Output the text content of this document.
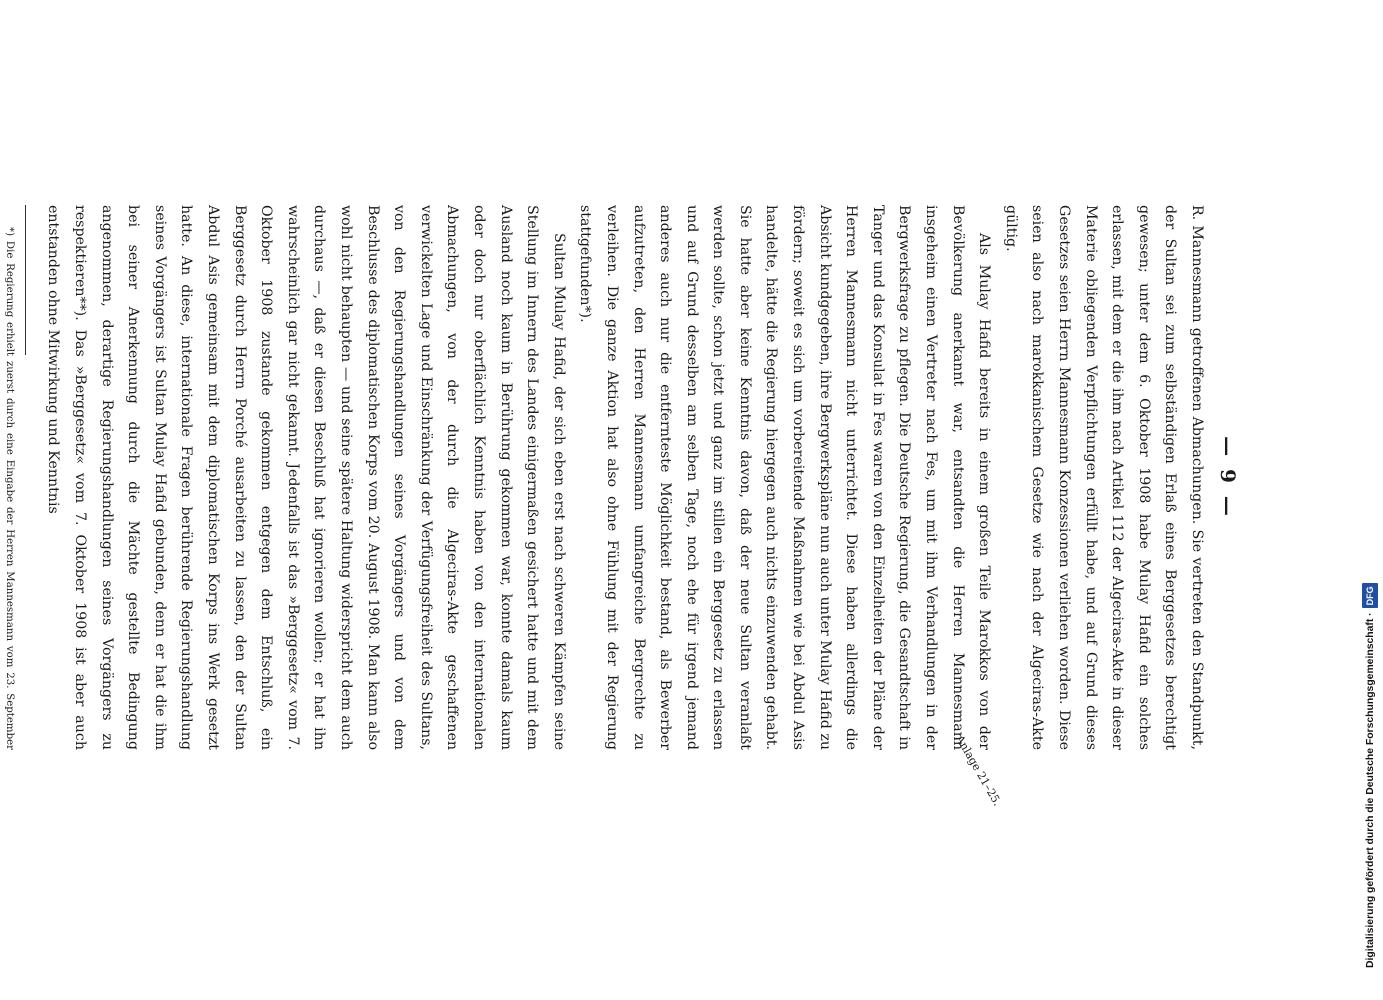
— 9 —

R. Mannesmann getroffenen Abmachungen. Sie vertreten den Standpunkt, der Sultan sei zum selbständigen Erlaß eines Berggesetzes berechtigt gewesen; unter dem 6. Oktober 1908 habe Mulay Hafid ein solches erlassen, mit dem er die ihm nach Artikel 112 der Algeciras-Akte in dieser Materie obliegenden Verpflichtungen erfüllt habe, und auf Grund dieses Gesetzes seien Herrn Mannesmann Konzessionen verliehen worden. Diese seien also nach marokkanischem Gesetze wie nach der Algeciras-Akte gültig.

Als Mulay Hafid bereits in einem großen Teile Marokkos von der Bevölkerung anerkannt war, entsandten die Herren Mannesmann insgeheim einen Vertreter nach Fes, um mit ihm Verhandlungen in der Bergwerksfrage zu pflegen. Die Deutsche Regierung, die Gesandtschaft in Tanger und das Konsulat in Fes waren von den Einzelheiten der Pläne der Herren Mannesmann nicht unterrichtet. Diese haben allerdings die Absicht kundgegeben, ihre Bergwerkspläne nun auch unter Mulay Hafid zu fördern; soweit es sich um vorbereitende Maßnahmen wie bei Abdul Asis handelte, hätte die Regierung hiergegen auch nichts einzuwenden gehabt. Sie hatte aber keine Kenntnis davon, daß der neue Sultan veranlaßt werden sollte, schon jetzt und ganz im stillen ein Berggesetz zu erlassen und auf Grund desselben am selben Tage, noch ehe für irgend jemand anderes auch nur die entfernteste Möglichkeit bestand, als Bewerber aufzutreten, den Herren Mannesmann umfangreiche Bergrechte zu verleihen. Die ganze Aktion hat also ohne Fühlung mit der Regierung stattgefunden*).

Sultan Mulay Hafid, der sich eben erst nach schweren Kämpfen seine Stellung im Innern des Landes einigermaßen gesichert hatte und mit dem Ausland noch kaum in Berührung gekommen war, konnte damals kaum oder doch nur oberflächlich Kenntnis haben von den internationalen Abmachungen, von der durch die Algeciras-Akte geschaffenen verwickelten Lage und Einschränkung der Verfügungsfreiheit des Sultans, von den Regierungshandlungen seines Vorgängers und von dem Beschlusse des diplomatischen Korps vom 20. August 1908. Man kann also wohl nicht behaupten — und seine spätere Haltung widerspricht dem auch durchaus —, daß er diesen Beschluß hat ignorieren wollen; er hat ihn wahrscheinlich gar nicht gekannt. Jedenfalls ist das »Berggesetz« vom 7. Oktober 1908 zustande gekommen entgegen dem Entschluß, ein Berggesetz durch Herrn Porché ausarbeiten zu lassen, den der Sultan Abdul Asis gemeinsam mit dem diplomatischen Korps ins Werk gesetzt hatte. An diese, internationale Fragen berührende Regierungshandlung seines Vorgängers ist Sultan Mulay Hafid gebunden, denn er hat die ihm bei seiner Anerkennung durch die Mächte gestellte Bedingung angenommen, derartige Regierungshandlungen seines Vorgängers zu respektieren**). Das »Berggesetz« vom 7. Oktober 1908 ist aber auch entstanden ohne Mitwirkung und Kenntnis

Anlage 21–25.

*) Die Regierung erhielt zuerst durch eine Eingabe der Herren Mannesmann vom 23. September	Digitalisierung gefördert durch die Deutsche Forschungsgemeinschaft ·DFG
